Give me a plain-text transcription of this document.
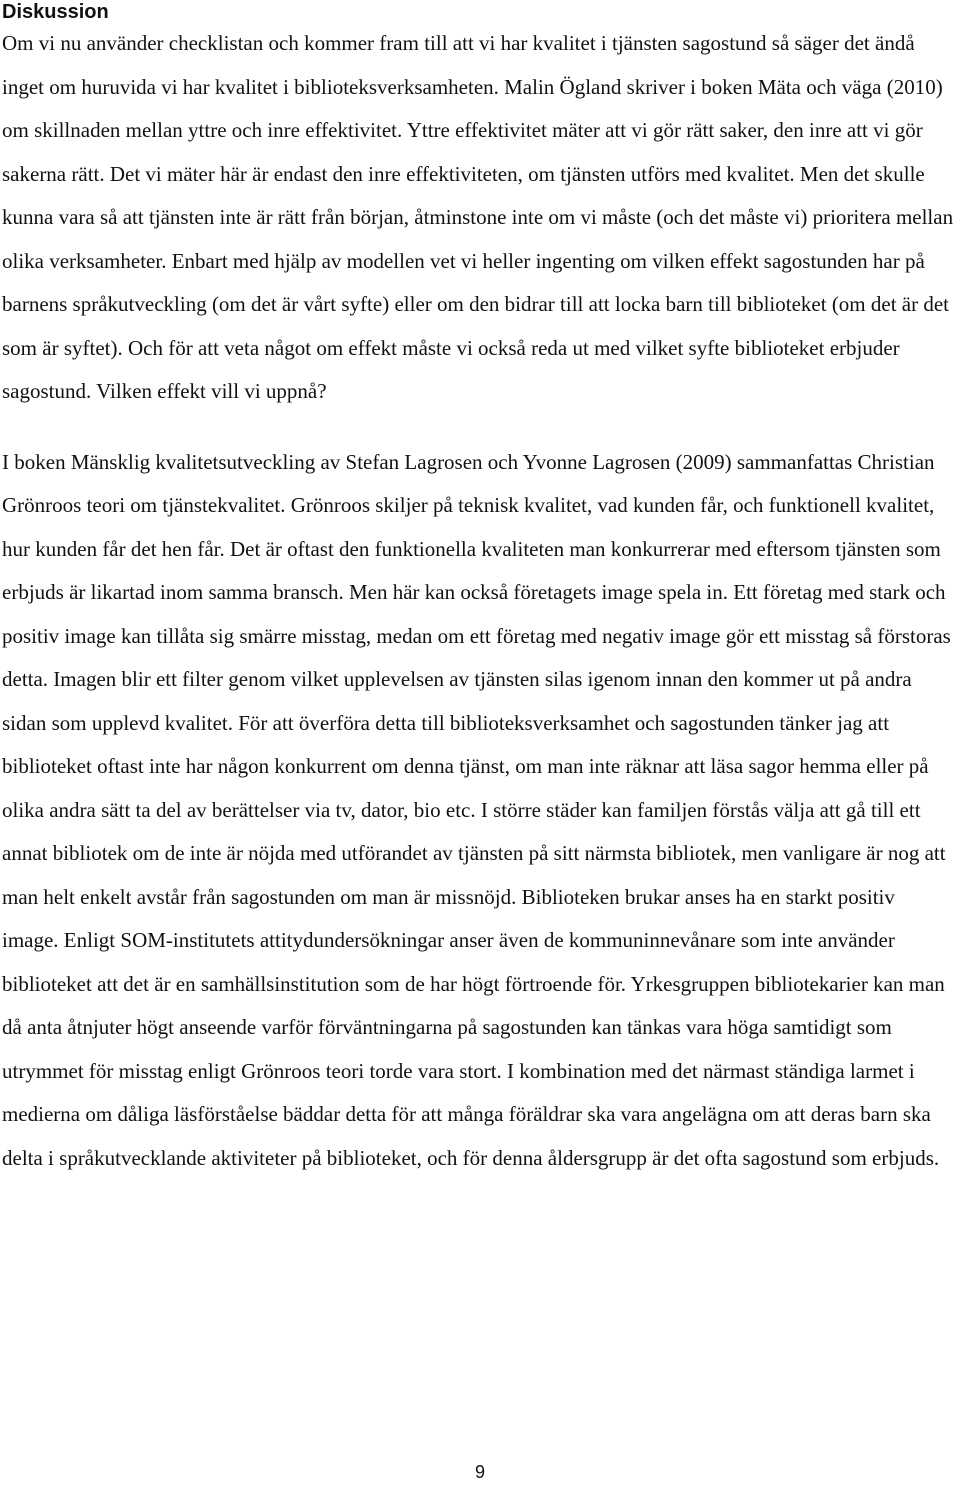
Diskussion

Om vi nu använder checklistan och kommer fram till att vi har kvalitet i tjänsten sagostund så säger det ändå inget om huruvida vi har kvalitet i biblioteksverksamheten. Malin Ögland skriver i boken Mäta och väga (2010) om skillnaden mellan yttre och inre effektivitet. Yttre effektivitet mäter att vi gör rätt saker, den inre att vi gör sakerna rätt. Det vi mäter här är endast den inre effektiviteten, om tjänsten utförs med kvalitet. Men det skulle kunna vara så att tjänsten inte är rätt från början, åtminstone inte om vi måste (och det måste vi) prioritera mellan olika verksamheter. Enbart med hjälp av modellen vet vi heller ingenting om vilken effekt sagostunden har på barnens språkutveckling (om det är vårt syfte) eller om den bidrar till att locka barn till biblioteket (om det är det som är syftet). Och för att veta något om effekt måste vi också reda ut med vilket syfte biblioteket erbjuder sagostund. Vilken effekt vill vi uppnå?

I boken Mänsklig kvalitetsutveckling av Stefan Lagrosen och Yvonne Lagrosen (2009) sammanfattas Christian Grönroos teori om tjänstekvalitet. Grönroos skiljer på teknisk kvalitet, vad kunden får, och funktionell kvalitet, hur kunden får det hen får. Det är oftast den funktionella kvaliteten man konkurrerar med eftersom tjänsten som erbjuds är likartad inom samma bransch. Men här kan också företagets image spela in. Ett företag med stark och positiv image kan tillåta sig smärre misstag, medan om ett företag med negativ image gör ett misstag så förstoras detta. Imagen blir ett filter genom vilket upplevelsen av tjänsten silas igenom innan den kommer ut på andra sidan som upplevd kvalitet. För att överföra detta till biblioteksverksamhet och sagostunden tänker jag att biblioteket oftast inte har någon konkurrent om denna tjänst, om man inte räknar att läsa sagor hemma eller på olika andra sätt ta del av berättelser via tv, dator, bio etc. I större städer kan familjen förstås välja att gå till ett annat bibliotek om de inte är nöjda med utförandet av tjänsten på sitt närmsta bibliotek, men vanligare är nog att man helt enkelt avstår från sagostunden om man är missnöjd. Biblioteken brukar anses ha en starkt positiv image. Enligt SOM-institutets attitydundersökningar anser även de kommuninnevånare som inte använder biblioteket att det är en samhällsinstitution som de har högt förtroende för. Yrkesgruppen bibliotekarier kan man då anta åtnjuter högt anseende varför förväntningarna på sagostunden kan tänkas vara höga samtidigt som utrymmet för misstag enligt Grönroos teori torde vara stort. I kombination med det närmast ständiga larmet i medierna om dåliga läsförståelse bäddar detta för att många föräldrar ska vara angelägna om att deras barn ska delta i språkutvecklande aktiviteter på biblioteket, och för denna åldersgrupp är det ofta sagostund som erbjuds.

9
